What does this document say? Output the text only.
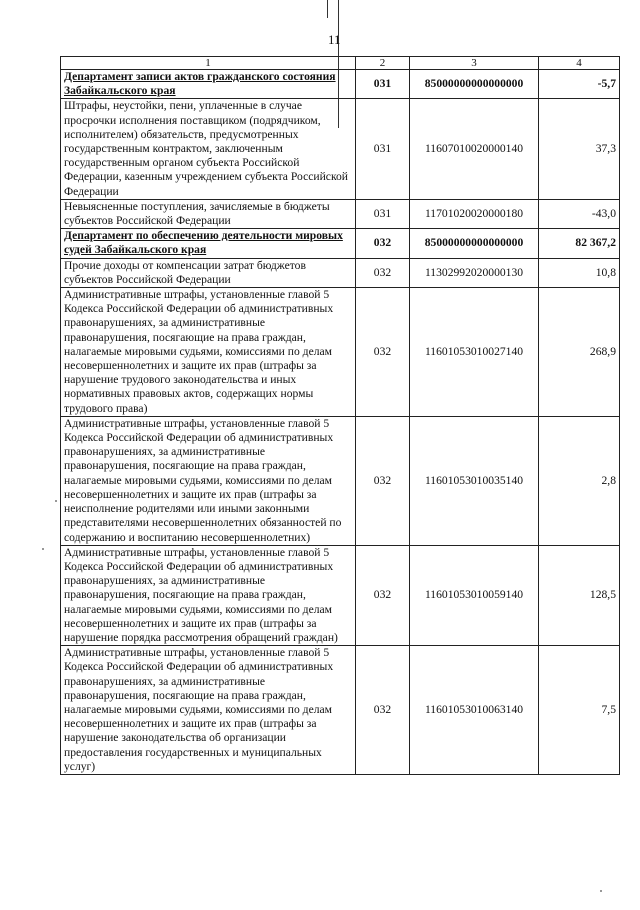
11
1	2	3	4
Департамент записи актов гражданского состояния Забайкальского края	031	85000000000000000	-5,7
Штрафы, неустойки, пени, уплаченные в случае просрочки исполнения поставщиком (подрядчиком, исполнителем) обязательств, предусмотренных государственным контрактом, заключенным государственным органом субъекта Российской Федерации, казенным учреждением субъекта Российской Федерации	031	11607010020000140	37,3
Невыясненные поступления, зачисляемые в бюджеты субъектов Российской Федерации	031	11701020020000180	-43,0
Департамент по обеспечению деятельности мировых судей Забайкальского края	032	85000000000000000	82 367,2
Прочие доходы от компенсации затрат бюджетов субъектов Российской Федерации	032	11302992020000130	10,8
Административные штрафы, установленные главой 5 Кодекса Российской Федерации об административных правонарушениях, за административные правонарушения, посягающие на права граждан, налагаемые мировыми судьями, комиссиями по делам несовершеннолетних и защите их прав (штрафы за нарушение трудового законодательства и иных нормативных правовых актов, содержащих нормы трудового права)	032	11601053010027140	268,9
Административные штрафы, установленные главой 5 Кодекса Российской Федерации об административных правонарушениях, за административные правонарушения, посягающие на права граждан, налагаемые мировыми судьями, комиссиями по делам несовершеннолетних и защите их прав (штрафы за неисполнение родителями или иными законными представителями несовершеннолетних обязанностей по содержанию и воспитанию несовершеннолетних)	032	11601053010035140	2,8
Административные штрафы, установленные главой 5 Кодекса Российской Федерации об административных правонарушениях, за административные правонарушения, посягающие на права граждан, налагаемые мировыми судьями, комиссиями по делам несовершеннолетних и защите их прав (штрафы за нарушение порядка рассмотрения обращений граждан)	032	11601053010059140	128,5
Административные штрафы, установленные главой 5 Кодекса Российской Федерации об административных правонарушениях, за административные правонарушения, посягающие на права граждан, налагаемые мировыми судьями, комиссиями по делам несовершеннолетних и защите их прав (штрафы за нарушение законодательства об организации предоставления государственных и муниципальных услуг)	032	11601053010063140	7,5
